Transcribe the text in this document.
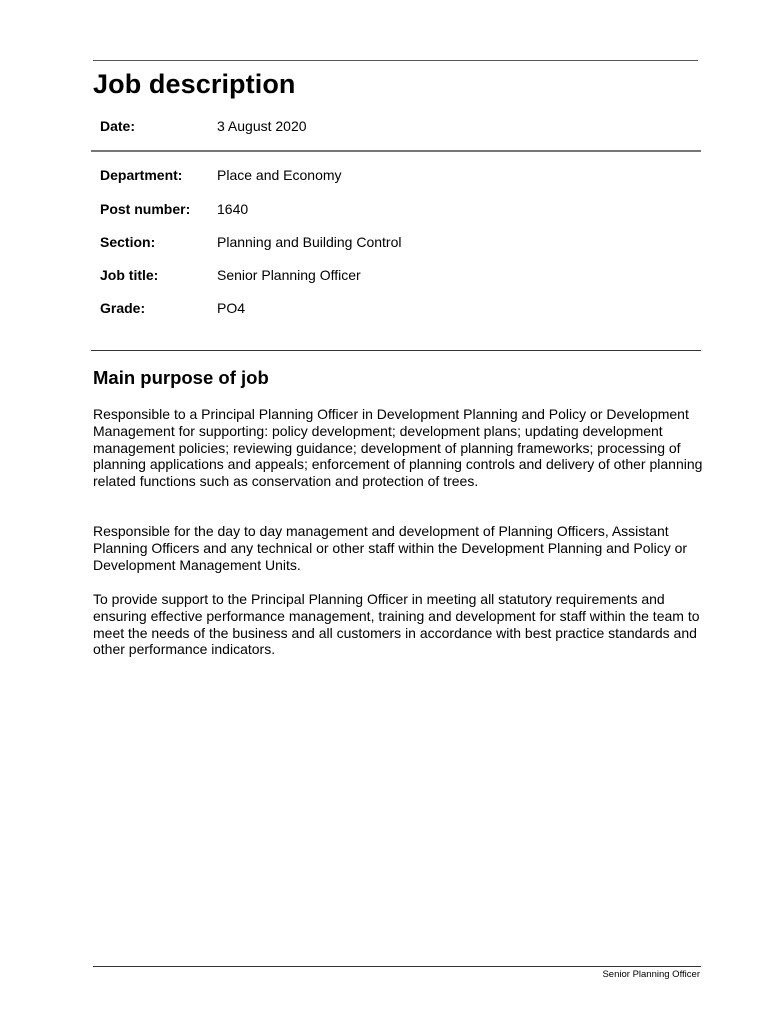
Job description
Date:	3 August 2020
Department: Place and Economy
Post number: 1640
Section:	Planning and Building Control
Job title:	Senior Planning Officer
Grade:	PO4
Main purpose of job

Responsible to a Principal Planning Officer in Development Planning and Policy or Development Management for supporting: policy development; development plans; updating development management policies; reviewing guidance; development of planning frameworks; processing of planning applications and appeals; enforcement of planning controls and delivery of other planning related functions such as conservation and protection of trees.

Responsible for the day to day management and development of Planning Officers, Assistant Planning Officers and any technical or other staff within the Development Planning and Policy or Development Management Units.

To provide support to the Principal Planning Officer in meeting all statutory requirements and ensuring effective performance management, training and development for staff within the team to meet the needs of the business and all customers in accordance with best practice standards and other performance indicators.

Senior Planning Officer
